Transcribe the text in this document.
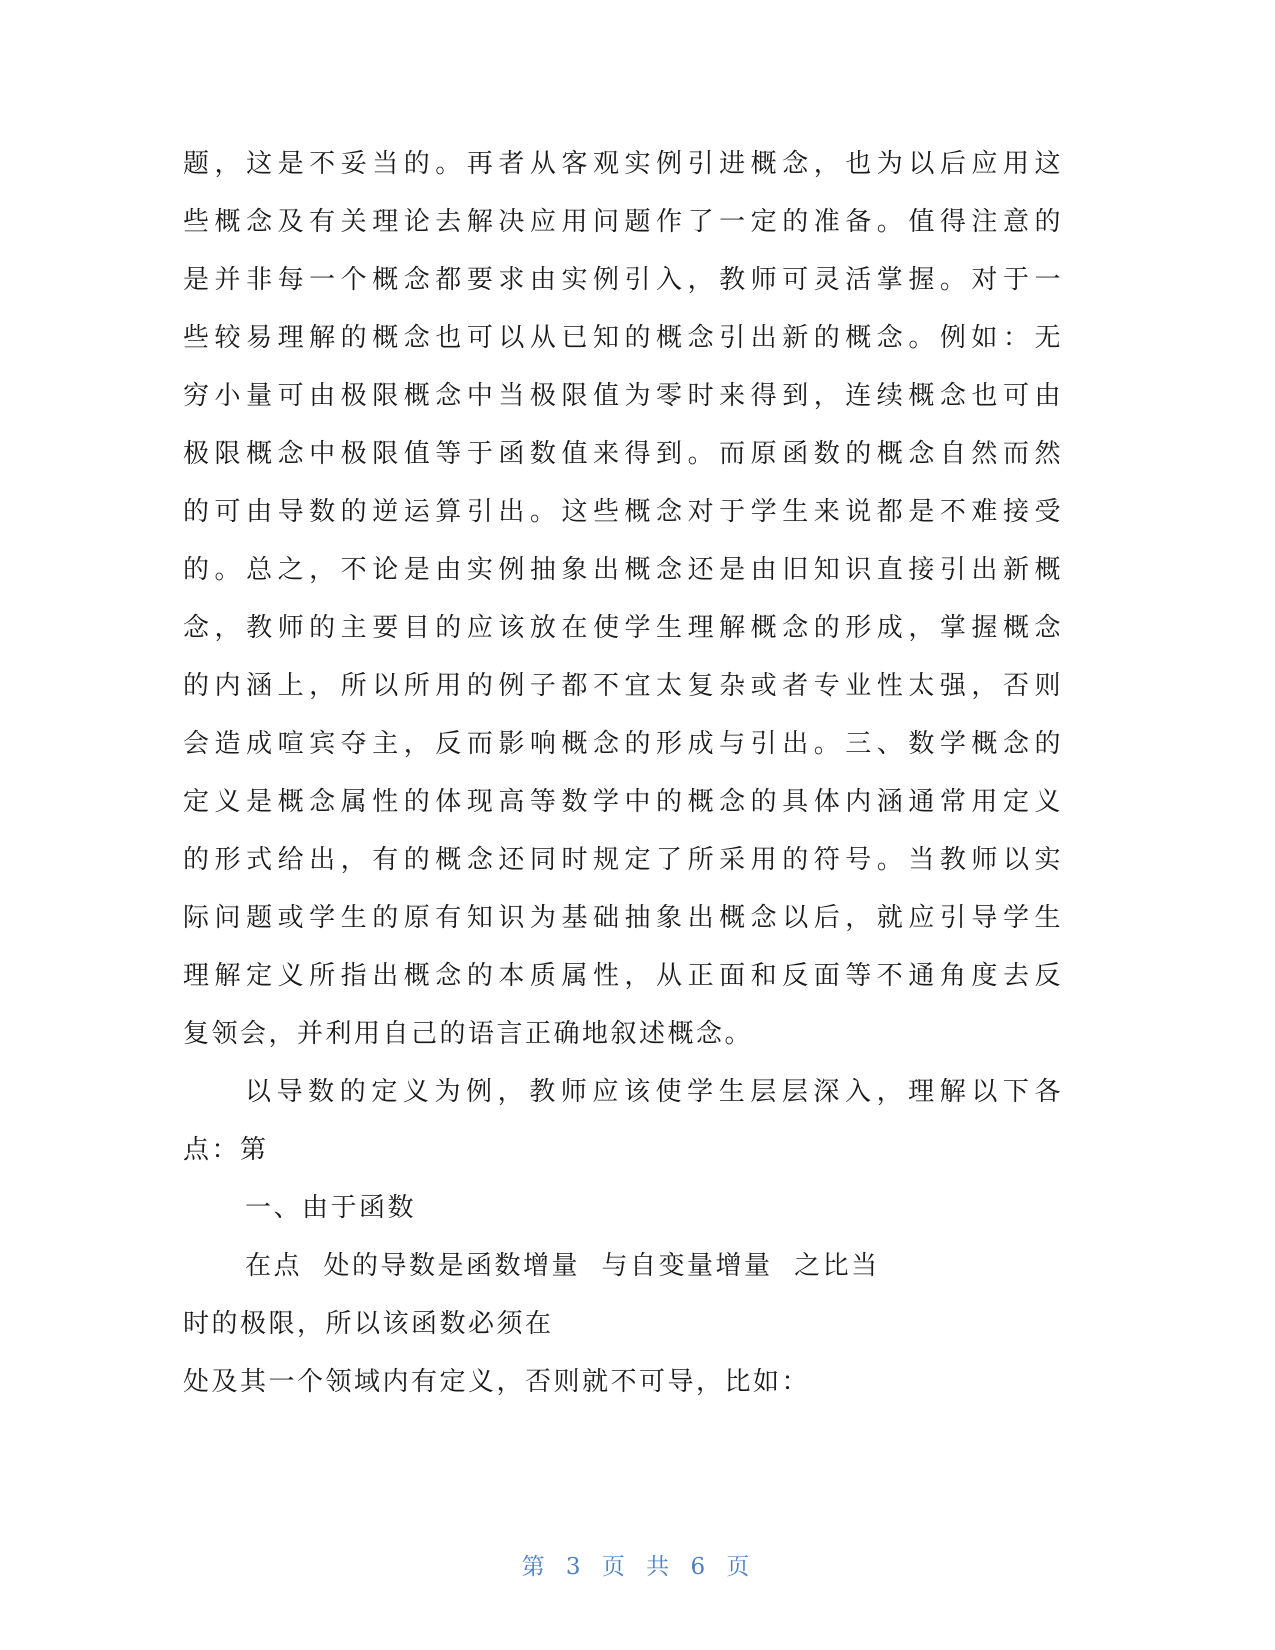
题，这是不妥当的。再者从客观实例引进概念，也为以后应用这
些概念及有关理论去解决应用问题作了一定的准备。值得注意的
是并非每一个概念都要求由实例引入，教师可灵活掌握。对于一
些较易理解的概念也可以从已知的概念引出新的概念。例如：无
穷小量可由极限概念中当极限值为零时来得到，连续概念也可由
极限概念中极限值等于函数值来得到。而原函数的概念自然而然
的可由导数的逆运算引出。这些概念对于学生来说都是不难接受
的。总之，不论是由实例抽象出概念还是由旧知识直接引出新概
念，教师的主要目的应该放在使学生理解概念的形成，掌握概念
的内涵上，所以所用的例子都不宜太复杂或者专业性太强，否则
会造成喧宾夺主，反而影响概念的形成与引出。三、数学概念的
定义是概念属性的体现高等数学中的概念的具体内涵通常用定义
的形式给出，有的概念还同时规定了所采用的符号。当教师以实
际问题或学生的原有知识为基础抽象出概念以后，就应引导学生
理解定义所指出概念的本质属性，从正面和反面等不通角度去反
复领会，并利用自己的语言正确地叙述概念。
以导数的定义为例，教师应该使学生层层深入，理解以下各
点：第
一、由于函数
在点  处的导数是函数增量  与自变量增量  之比当
时的极限，所以该函数必须在
处及其一个领域内有定义，否则就不可导，比如：
第 3 页 共 6 页
